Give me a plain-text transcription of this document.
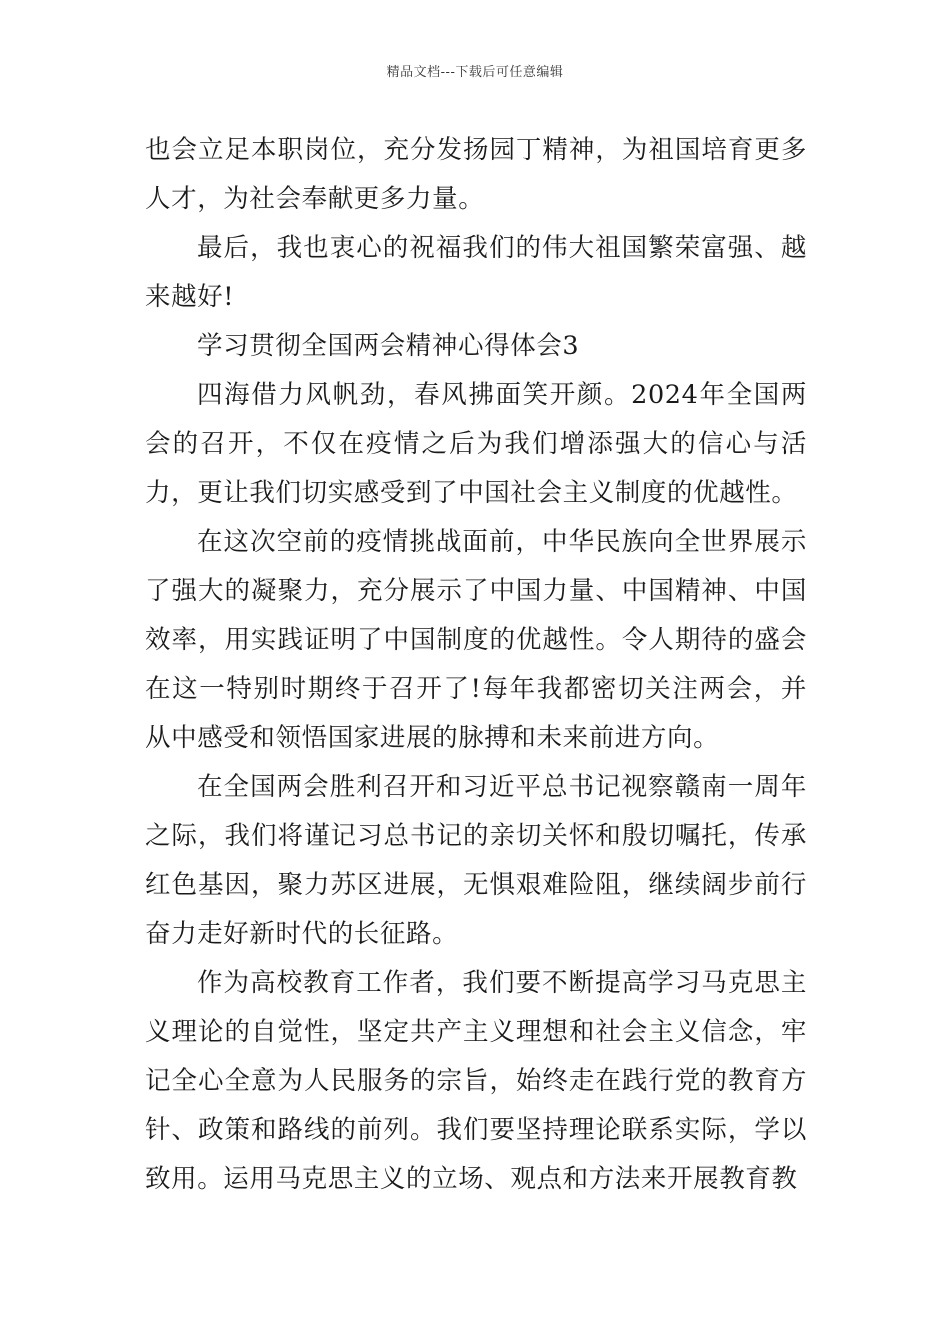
精品文档---下载后可任意编辑

也会立足本职岗位，充分发扬园丁精神，为祖国培育更多人才，为社会奉献更多力量。

最后，我也衷心的祝福我们的伟大祖国繁荣富强、越来越好!

学习贯彻全国两会精神心得体会3

四海借力风帆劲，春风拂面笑开颜。2024年全国两会的召开，不仅在疫情之后为我们增添强大的信心与活力，更让我们切实感受到了中国社会主义制度的优越性。

在这次空前的疫情挑战面前，中华民族向全世界展示了强大的凝聚力，充分展示了中国力量、中国精神、中国效率，用实践证明了中国制度的优越性。令人期待的盛会在这一特别时期终于召开了!每年我都密切关注两会，并从中感受和领悟国家进展的脉搏和未来前进方向。

在全国两会胜利召开和习近平总书记视察赣南一周年之际，我们将谨记习总书记的亲切关怀和殷切嘱托，传承红色基因，聚力苏区进展，无惧艰难险阻，继续阔步前行奋力走好新时代的长征路。

作为高校教育工作者，我们要不断提高学习马克思主义理论的自觉性，坚定共产主义理想和社会主义信念，牢记全心全意为人民服务的宗旨，始终走在践行党的教育方针、政策和路线的前列。我们要坚持理论联系实际，学以致用。运用马克思主义的立场、观点和方法来开展教育教
